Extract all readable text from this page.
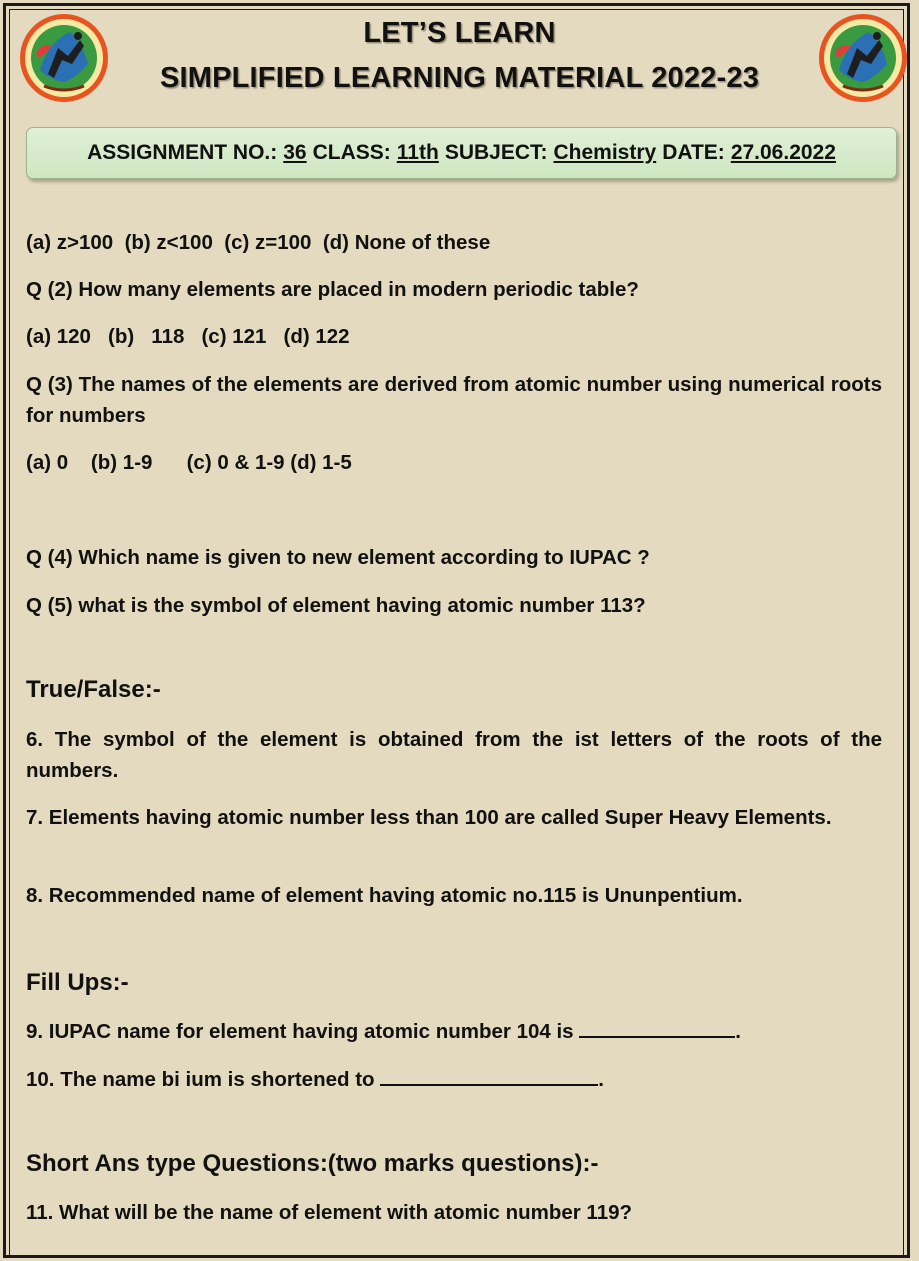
LET’S LEARN
SIMPLIFIED LEARNING MATERIAL 2022-23
ASSIGNMENT NO.: 36 CLASS: 11th SUBJECT: Chemistry DATE: 27.06.2022
(a) z>100  (b) z<100  (c) z=100  (d) None of these
Q (2) How many elements are placed in modern periodic table?
(a) 120   (b)   118   (c) 121   (d) 122
Q (3) The names of the elements are derived from atomic number using numerical roots for numbers
(a) 0    (b) 1-9      (c) 0 & 1-9 (d) 1-5
Q (4) Which name is given to new element according to IUPAC ?
Q (5) what is the symbol of element having atomic number 113?
True/False:-
6. The symbol of the element is obtained from the ist letters of the roots of the numbers.
7. Elements having atomic number less than 100 are called Super Heavy Elements.
8. Recommended name of element having atomic no.115 is Ununpentium.
Fill Ups:-
9. IUPAC name for element having atomic number 104 is	.
10. The name bi ium is shortened to	.
Short Ans type Questions:(two marks questions):-
11. What will be the name of element with atomic number 119?
